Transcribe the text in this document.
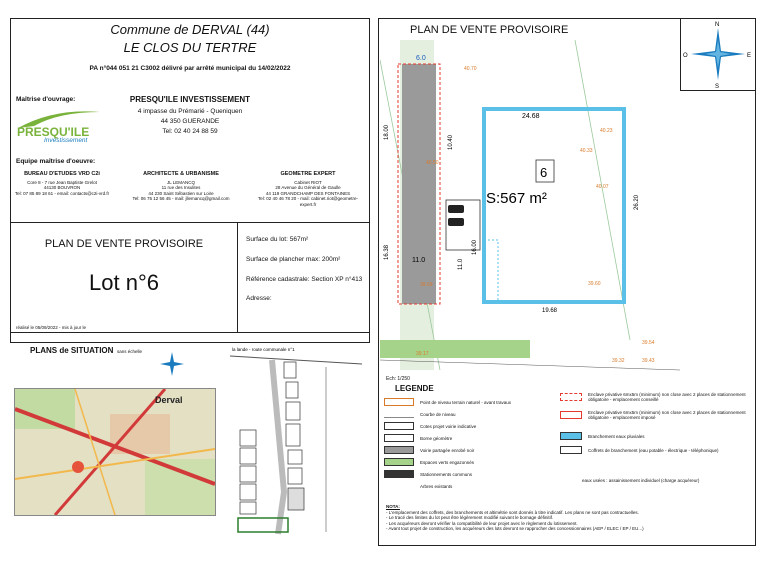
Commune de DERVAL (44)
LE CLOS DU TERTRE
PA n°044 051 21 C3002 délivré par arrêté municipal du 14/02/2022
Maîtrise d'ouvrage:
PRESQU'ILE
Investissement
PRESQU'ILE INVESTISSEMENT
4 impasse du Prémarié - Queniquen
44 350 GUERANDE
Tel: 02 40 24 88 59
Equipe maîtrise d'oeuvre:
BUREAU D'ETUDES VRD C2i
Core 8 - 7 rue Jean Baptiste Grelot
44130 BOUVRON
Tel: 07 85 89 18 61 - email: contacts@c2i-vrd.fr
ARCHITECTE & URBANISME
JL LEMANCQ
11 rue des Insulites
44 230 Saint Sébastien sur Loire
Tel: 06 75 12 56 45 - mail: jllemancq@gmail.com
GEOMETRE EXPERT
Cabinet RIOT
28 Avenue du Général de Gaulle
44 119 GRANDCHAMP DES FONTAINES
Tel: 02 40 46 78 20 - mail: cabinet.riot@geometre-expert.fr
PLAN DE VENTE PROVISOIRE
Lot n°6
Surface du lot: 567m²
Surface de plancher max: 200m²
Référence cadastrale: Section XP n°413
Adresse:
réalisé le 05/09/2022 - mis à jour le
PLANS de SITUATION sans échelle
Derval
la lande - route communale n°1
PLAN DE VENTE PROVISOIRE	N
S
E
O
6
S:567 m²
6.0
24.68
18.00
10.40
16.38	16.00
11.0	11.0
26.20
19.68
40.23
40.33
40.07
39.60
39.54
39.43
39.32
39.17
39.69
40.50
40.70
Ech: 1/250
LEGENDE
Point de niveau terrain naturel - avant travaux
Courbe de niveau
Cotes projet voirie indicative
Borne géomètre
Voirie partagée enrobé noir
Espaces verts engazonnés
Stationnements communs
Arbres existants
Enclave privative 6mx5m (minimum) non close avec 2 places de stationnement obligatoire - emplacement conseillé
Enclave privative 6mx5m (minimum) non close avec 2 places de stationnement obligatoire - emplacement imposé
Branchement eaux pluviales
Coffrets de branchement (eau potable - électrique - téléphonique)
eaux usées : assainissement individuel (charge acquéreur)
NOTA:
- L'emplacement des coffrets, des branchements et altimétrie sont donnés à titre indicatif. Les plans ne sont pas contractuelles.
- Le tracé des limites du lot peut être légèrement modifié suivant le bornage définitif.
- Les acquéreurs devront vérifier la compatibilité de leur projet avec le règlement du lotissement.
- Avant tout projet de construction, les acquéreurs des lots devront se rapprocher des concessionnaires (AEP / ELEC / EP / EU...)
